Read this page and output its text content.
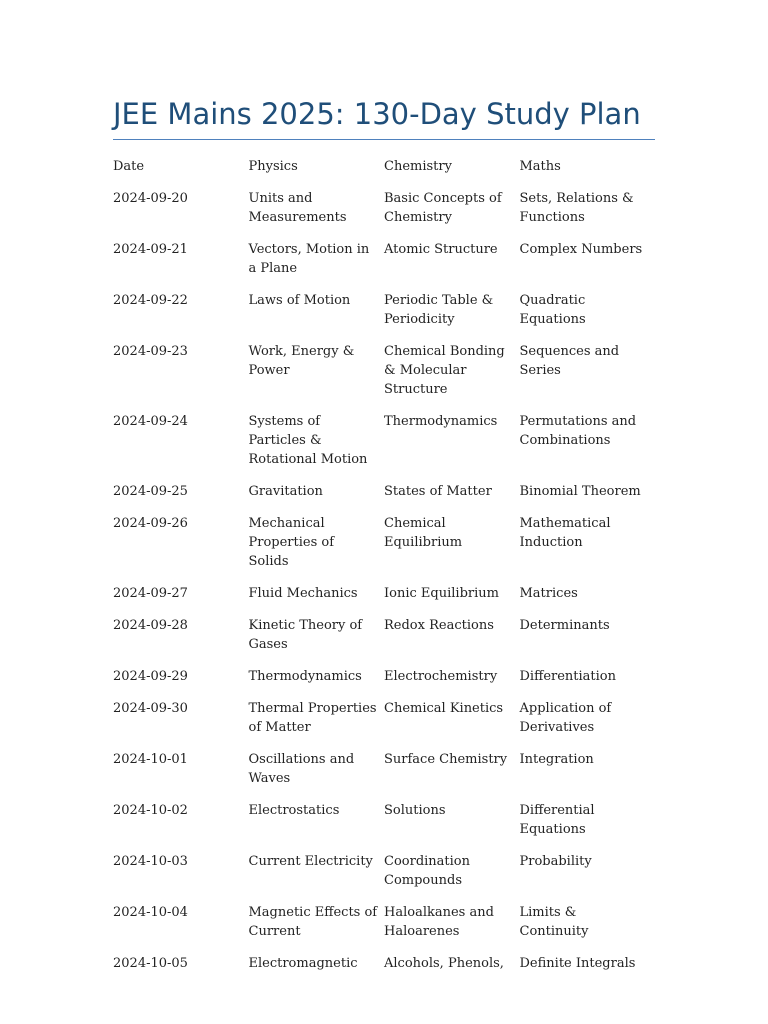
JEE Mains 2025: 130-Day Study Plan
Date	Physics	Chemistry	Maths
2024-09-20	Units and Measurements	Basic Concepts of Chemistry	Sets, Relations & Functions
2024-09-21	Vectors, Motion in a Plane	Atomic Structure	Complex Numbers
2024-09-22	Laws of Motion	Periodic Table & Periodicity	Quadratic Equations
2024-09-23	Work, Energy & Power	Chemical Bonding & Molecular Structure	Sequences and Series
2024-09-24	Systems of Particles & Rotational Motion	Thermodynamics	Permutations and Combinations
2024-09-25	Gravitation	States of Matter	Binomial Theorem
2024-09-26	Mechanical Properties of Solids	Chemical Equilibrium	Mathematical Induction
2024-09-27	Fluid Mechanics	Ionic Equilibrium	Matrices
2024-09-28	Kinetic Theory of Gases	Redox Reactions	Determinants
2024-09-29	Thermodynamics	Electrochemistry	Differentiation
2024-09-30	Thermal Properties of Matter	Chemical Kinetics	Application of Derivatives
2024-10-01	Oscillations and Waves	Surface Chemistry	Integration
2024-10-02	Electrostatics	Solutions	Differential Equations
2024-10-03	Current Electricity	Coordination Compounds	Probability
2024-10-04	Magnetic Effects of Current	Haloalkanes and Haloarenes	Limits & Continuity
2024-10-05	Electromagnetic	Alcohols, Phenols,	Definite Integrals
